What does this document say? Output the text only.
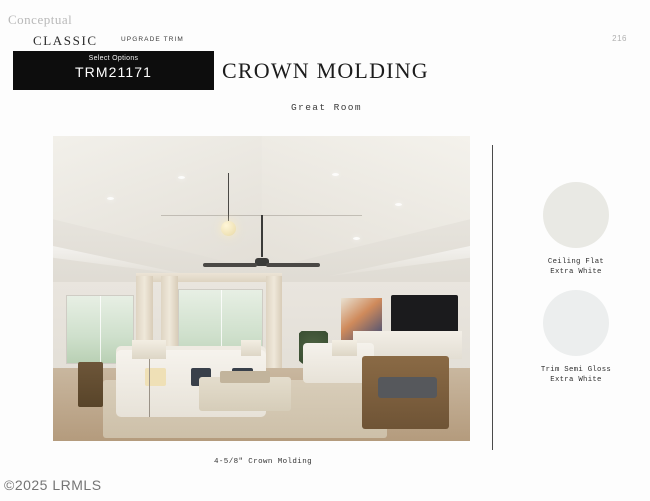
Conceptual
CLASSIC	UPGRADE TRIM	216
Select Options
TRM21171	CROWN MOLDING
Great Room
4-5/8" Crown Molding
Ceiling Flat
Extra White
Trim Semi Gloss
Extra White
©2025 LRMLS
